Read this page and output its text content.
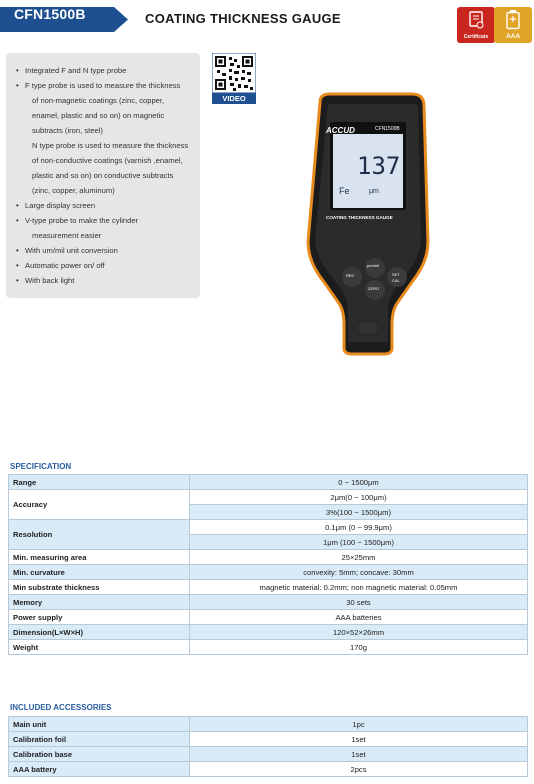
CFN1500B	COATING THICKNESS GAUGE
Certificate	AAA
• Integrated F and N type probe
• F type probe is used to measure the thickness
of non-magnetic coatings (zinc, copper,
enamel, plastic and so on) on magnetic
subtracts (iron, steel)
N type probe is used to measure the thickness
of non-conductive coatings (varnish ,enamel,
plastic and so on) on conductive subtracts
(zinc, copper, aluminum)
• Large display screen
• V-type probe to make the cylinder
measurement easier
• With um/mil unit conversion
• Automatic power on/ off
• With back light
VIDEO
ACCUD	CFN1500B
137
Fe	μm
COATING THICKNESS GAUGE
REC
μm/mil
ZERO
SET
CAL
SPECIFICATION
Range	0 ~ 1500μm
Accuracy	2μm(0 ~ 100μm)
	3%(100 ~ 1500μm)
Resolution	0.1μm (0 ~ 99.9μm)
	1μm (100 ~ 1500μm)
Min. measuring area	25×25mm
Min. curvature	convexity: 5mm; concave: 30mm
Min substrate thickness	magnetic material: 0.2mm; non magnetic material: 0.05mm
Memory	30 sets
Power supply	AAA batteries
Dimension(L×W×H)	120×52×26mm
Weight	170g
INCLUDED ACCESSORIES
Main unit	1pc
Calibration foil	1set
Calibration base	1set
AAA battery	2pcs
